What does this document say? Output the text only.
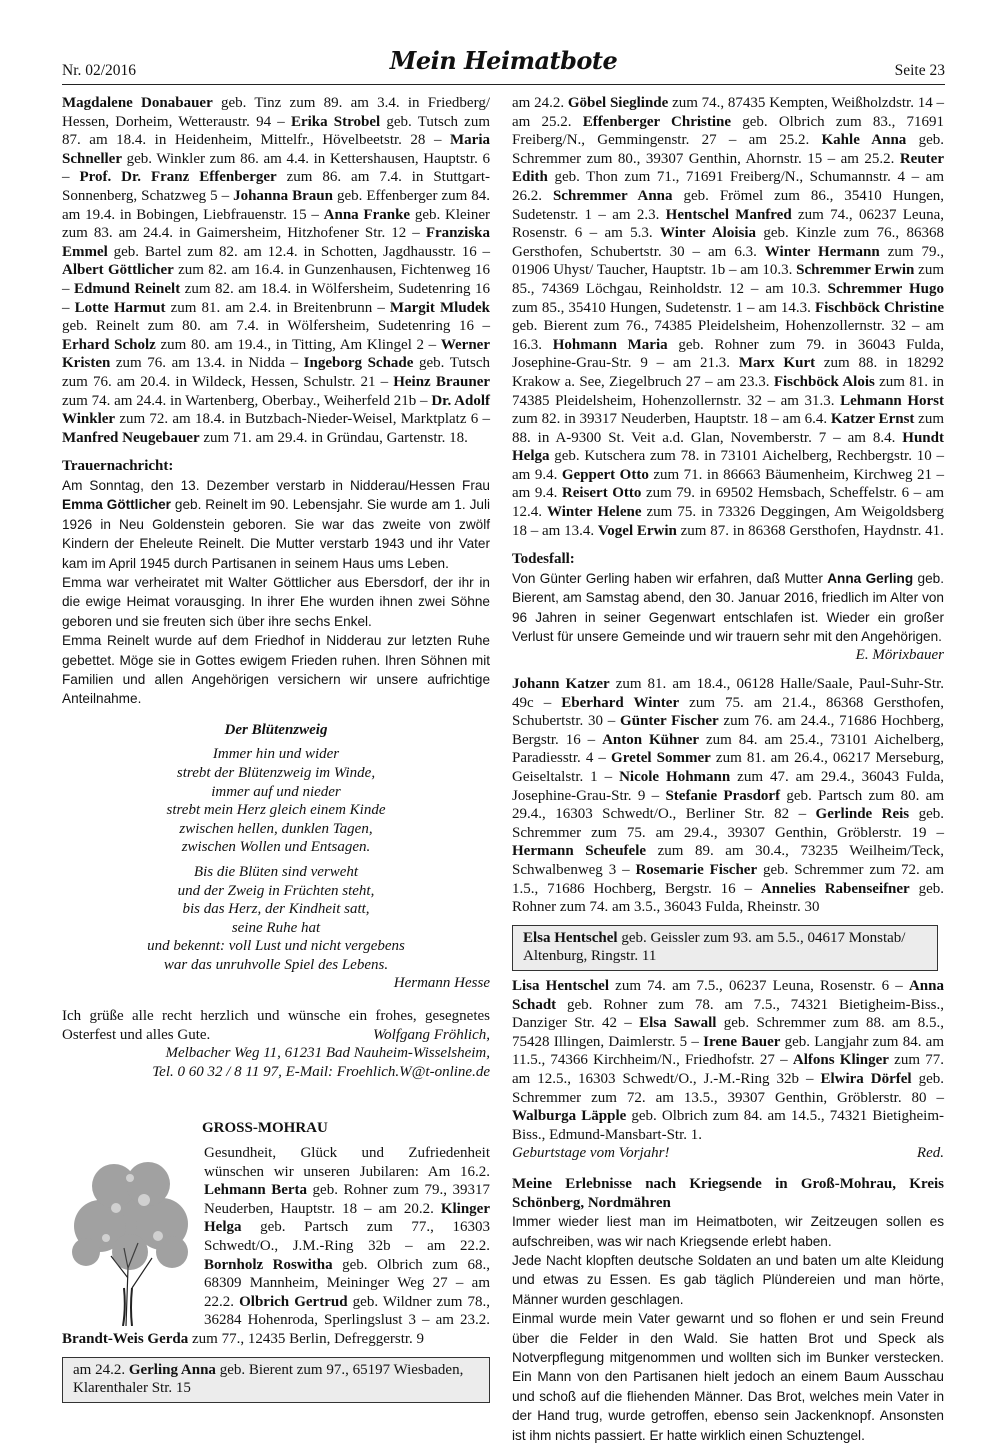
Nr. 02/2016	Mein Heimatbote	Seite 23

Magdalene Donabauer geb. Tinz zum 89. am 3.4. in Friedberg/ Hessen, Dorheim, Wetteraustr. 94 – Erika Strobel geb. Tutsch zum 87. am 18.4. in Heidenheim, Mittelfr., Hövelbeetstr. 28 – Maria Schneller geb. Winkler zum 86. am 4.4. in Kettershausen, Hauptstr. 6 – Prof. Dr. Franz Effenberger zum 86. am 7.4. in Stuttgart-Sonnenberg, Schatzweg 5 – Johanna Braun geb. Effenberger zum 84. am 19.4. in Bobingen, Liebfrauenstr. 15 – Anna Franke geb. Kleiner zum 83. am 24.4. in Gaimersheim, Hitzhofener Str. 12 – Franziska Emmel geb. Bartel zum 82. am 12.4. in Schotten, Jagdhausstr. 16 – Albert Göttlicher zum 82. am 16.4. in Gunzenhausen, Fichtenweg 16 – Edmund Reinelt zum 82. am 18.4. in Wölfersheim, Sudetenring 16 – Lotte Harmut zum 81. am 2.4. in Breitenbrunn – Margit Mludek geb. Reinelt zum 80. am 7.4. in Wölfersheim, Sudetenring 16 – Erhard Scholz zum 80. am 19.4., in Titting, Am Klingel 2 – Werner Kristen zum 76. am 13.4. in Nidda – Ingeborg Schade geb. Tutsch zum 76. am 20.4. in Wildeck, Hessen, Schulstr. 21 – Heinz Brauner zum 74. am 24.4. in Wartenberg, Oberbay., Weiherfeld 21b – Dr. Adolf Winkler zum 72. am 18.4. in Butzbach-Nieder-Weisel, Marktplatz 6 – Manfred Neugebauer zum 71. am 29.4. in Gründau, Gartenstr. 18.

Trauernachricht:

Am Sonntag, den 13. Dezember verstarb in Nidderau/Hessen Frau Emma Göttlicher geb. Reinelt im 90. Lebensjahr. Sie wurde am 1. Juli 1926 in Neu Goldenstein geboren. Sie war das zweite von zwölf Kindern der Eheleute Reinelt. Die Mutter verstarb 1943 und ihr Vater kam im April 1945 durch Partisanen in seinem Haus ums Leben.

Emma war verheiratet mit Walter Göttlicher aus Ebersdorf, der ihr in die ewige Heimat vorausging. In ihrer Ehe wurden ihnen zwei Söhne geboren und sie freuten sich über ihre sechs Enkel.

Emma Reinelt wurde auf dem Friedhof in Nidderau zur letzten Ruhe gebettet. Möge sie in Gottes ewigem Frieden ruhen. Ihren Söhnen mit Familien und allen Angehörigen versichern wir unsere aufrichtige Anteilnahme.

Der Blütenzweig
Immer hin und wider
strebt der Blütenzweig im Winde,
immer auf und nieder
strebt mein Herz gleich einem Kinde
zwischen hellen, dunklen Tagen,
zwischen Wollen und Entsagen.
Bis die Blüten sind verweht
und der Zweig in Früchten steht,
bis das Herz, der Kindheit satt,
seine Ruhe hat
und bekennt: voll Lust und nicht vergebens
war das unruhvolle Spiel des Lebens.
Hermann Hesse
Ich grüße alle recht herzlich und wünsche ein frohes, gesegnetes Osterfest und alles Gute.	Wolfgang Fröhlich,
Melbacher Weg 11, 61231 Bad Nauheim-Wisselsheim,
Tel. 0 60 32 / 8 11 97, E-Mail: Froehlich.W@t-online.de
GROSS-MOHRAU
Gesundheit, Glück und Zufriedenheit wünschen wir unseren Jubilaren: Am 16.2. Lehmann Berta geb. Rohner zum 79., 39317 Neuderben, Hauptstr. 18 – am 20.2. Klinger Helga geb. Partsch zum 77., 16303 Schwedt/O., J.M.-Ring 32b – am 22.2. Bornholz Roswitha geb. Olbrich zum 68., 68309 Mannheim, Meininger Weg 27 – am 22.2. Olbrich Gertrud geb. Wildner zum 78., 36284 Hohenroda, Sperlingslust 3 – am 23.2. Brandt-Weis Gerda zum 77., 12435 Berlin, Defreggerstr. 9
am 24.2. Gerling Anna geb. Bierent zum 97., 65197 Wiesbaden, Klarenthaler Str. 15

am 24.2. Göbel Sieglinde zum 74., 87435 Kempten, Weißholzdstr. 14 – am 25.2. Effenberger Christine geb. Olbrich zum 83., 71691 Freiberg/N., Gemmingenstr. 27 – am 25.2. Kahle Anna geb. Schremmer zum 80., 39307 Genthin, Ahornstr. 15 – am 25.2. Reuter Edith geb. Thon zum 71., 71691 Freiberg/N., Schumannstr. 4 – am 26.2. Schremmer Anna geb. Frömel zum 86., 35410 Hungen, Sudetenstr. 1 – am 2.3. Hentschel Manfred zum 74., 06237 Leuna, Rosenstr. 6 – am 5.3. Winter Aloisia geb. Kinzle zum 76., 86368 Gersthofen, Schubertstr. 30 – am 6.3. Winter Hermann zum 79., 01906 Uhyst/ Taucher, Hauptstr. 1b – am 10.3. Schremmer Erwin zum 85., 74369 Löchgau, Reinholdstr. 12 – am 10.3. Schremmer Hugo zum 85., 35410 Hungen, Sudetenstr. 1 – am 14.3. Fischböck Christine geb. Bierent zum 76., 74385 Pleidelsheim, Hohenzollernstr. 32 – am 16.3. Hohmann Maria geb. Rohner zum 79. in 36043 Fulda, Josephine-Grau-Str. 9 – am 21.3. Marx Kurt zum 88. in 18292 Krakow a. See, Ziegelbruch 27 – am 23.3. Fischböck Alois zum 81. in 74385 Pleidelsheim, Hohenzollernstr. 32 – am 31.3. Lehmann Horst zum 82. in 39317 Neuderben, Hauptstr. 18 – am 6.4. Katzer Ernst zum 88. in A-9300 St. Veit a.d. Glan, Novemberstr. 7 – am 8.4. Hundt Helga geb. Kutschera zum 78. in 73101 Aichelberg, Rechbergstr. 10 – am 9.4. Geppert Otto zum 71. in 86663 Bäumenheim, Kirchweg 21 – am 9.4. Reisert Otto zum 79. in 69502 Hemsbach, Scheffelstr. 6 – am 12.4. Winter Helene zum 75. in 73326 Deggingen, Am Weigoldsberg 18 – am 13.4. Vogel Erwin zum 87. in 86368 Gersthofen, Haydnstr. 41.

Todesfall:

Von Günter Gerling haben wir erfahren, daß Mutter Anna Gerling geb. Bierent, am Samstag abend, den 30. Januar 2016, friedlich im Alter von 96 Jahren in seiner Gegenwart entschlafen ist. Wieder ein großer Verlust für unsere Gemeinde und wir trauern sehr mit den Angehörigen.

E. Mörixbauer

Johann Katzer zum 81. am 18.4., 06128 Halle/Saale, Paul-Suhr-Str. 49c – Eberhard Winter zum 75. am 21.4., 86368 Gersthofen, Schubertstr. 30 – Günter Fischer zum 76. am 24.4., 71686 Hochberg, Bergstr. 16 – Anton Kühner zum 84. am 25.4., 73101 Aichelberg, Paradiesstr. 4 – Gretel Sommer zum 81. am 26.4., 06217 Merseburg, Geiseltalstr. 1 – Nicole Hohmann zum 47. am 29.4., 36043 Fulda, Josephine-Grau-Str. 9 – Stefanie Prasdorf geb. Partsch zum 80. am 29.4., 16303 Schwedt/O., Berliner Str. 82 – Gerlinde Reis geb. Schremmer zum 75. am 29.4., 39307 Genthin, Gröblerstr. 19 – Hermann Scheufele zum 89. am 30.4., 73235 Weilheim/Teck, Schwalbenweg 3 – Rosemarie Fischer geb. Schremmer zum 72. am 1.5., 71686 Hochberg, Bergstr. 16 – Annelies Rabenseifner geb. Rohner zum 74. am 3.5., 36043 Fulda, Rheinstr. 30

Elsa Hentschel geb. Geissler zum 93. am 5.5., 04617 Monstab/ Altenburg, Ringstr. 11

Lisa Hentschel zum 74. am 7.5., 06237 Leuna, Rosenstr. 6 – Anna Schadt geb. Rohner zum 78. am 7.5., 74321 Bietigheim-Biss., Danziger Str. 42 – Elsa Sawall geb. Schremmer zum 88. am 8.5., 75428 Illingen, Daimlerstr. 5 – Irene Bauer geb. Langjahr zum 84. am 11.5., 74366 Kirchheim/N., Friedhofstr. 27 – Alfons Klinger zum 77. am 12.5., 16303 Schwedt/O., J.-M.-Ring 32b – Elwira Dörfel geb. Schremmer zum 72. am 13.5., 39307 Genthin, Gröblerstr. 80 – Walburga Läpple geb. Olbrich zum 84. am 14.5., 74321 Bietigheim-Biss., Edmund-Mansbart-Str. 1.

Geburtstage vom Vorjahr!	Red.

Meine Erlebnisse nach Kriegsende in Groß-Mohrau, Kreis Schönberg, Nordmähren

Immer wieder liest man im Heimatboten, wir Zeitzeugen sollen es aufschreiben, was wir nach Kriegsende erlebt haben.

Jede Nacht klopften deutsche Soldaten an und baten um alte Kleidung und etwas zu Essen. Es gab täglich Plündereien und man hörte, Männer wurden geschlagen.

Einmal wurde mein Vater gewarnt und so flohen er und sein Freund über die Felder in den Wald. Sie hatten Brot und Speck als Notverpflegung mitgenommen und wollten sich im Bunker verstecken. Ein Mann von den Partisanen hielt jedoch an einem Baum Ausschau und schoß auf die fliehenden Männer. Das Brot, welches mein Vater in der Hand trug, wurde getroffen, ebenso sein Jackenknopf. Ansonsten ist ihm nichts passiert. Er hatte wirklich einen Schuztengel.
